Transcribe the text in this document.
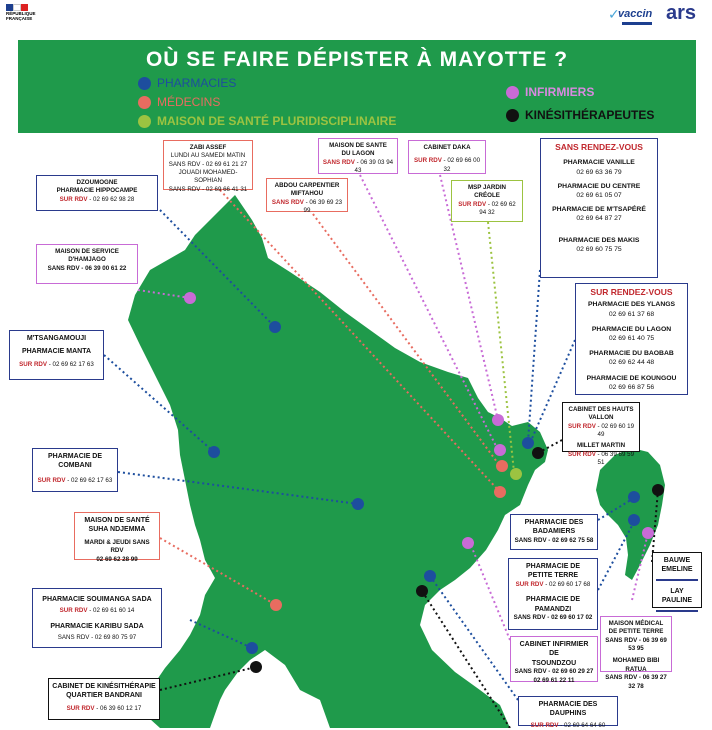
RÉPUBLIQUE
FRANÇAISE	✓
vaccin ars
OÙ SE FAIRE DÉPISTER À MAYOTTE ?
PHARMACIES
MÉDECINS
MAISON DE SANTÉ PLURIDISCIPLINAIRE
INFIRMIERS
KINÉSITHÉRAPEUTES
DZOUMOGNE
PHARMACIE HIPPOCAMPE
SUR RDV - 02 69 62 98 28
ZABI ASSEF
LUNDI AU SAMEDI MATIN
SANS RDV - 02 69 61 21 27
JOUADI MOHAMED-SOPHIAN
SANS RDV - 02 69 66 41 31
ABDOU CARPENTIER
MIFTAHOU
SANS RDV - 06 39 69 23 99
MAISON DE SANTE
DU LAGON
SANS RDV - 06 39 03 94 43
CABINET DAKA
SUR RDV - 02 69 66 00 32
MSP JARDIN
CRÉOLE
SUR RDV - 02 69 62 94 32
MAISON DE SERVICE
D'HAMJAGO
SANS RDV - 06 39 00 61 22
SANS RENDEZ-VOUS
PHARMACIE VANILLE
02 69 63 36 79
PHARMACIE DU CENTRE
02 69 61 05 07
PHARMACIE DE M'TSAPÉRÉ
02 69 64 87 27
PHARMACIE DES MAKIS
02 69 60 75 75
SUR RENDEZ-VOUS
PHARMACIE DES YLANGS
02 69 61 37 68
PHARMACIE DU LAGON
02 69 61 40 75
PHARMACIE DU BAOBAB
02 69 62 44 48
PHARMACIE DE KOUNGOU
02 69 66 87 56
M'TSANGAMOUJI
PHARMACIE MANTA
SUR RDV - 02 69 62 17 63
CABINET DES HAUTS
VALLON
SUR RDV - 02 69 60 19 49
MILLET MARTIN
SUR RDV - 06 39 69 59 51
PHARMACIE DE
COMBANI
SUR RDV - 02 69 62 17 63
MAISON DE SANTÉ
SUHA NDJEMMA
MARDI & JEUDI SANS RDV
02 69 62 28 99
PHARMACIE DES
BADAMIERS
SANS RDV - 02 69 62 75 58
BAUWE
EMELINE
LAY PAULINE
PHARMACIE DE
PETITE TERRE
SUR RDV - 02 69 60 17 68
PHARMACIE DE
PAMANDZI
SANS RDV - 02 69 60 17 02
PHARMACIE SOUIMANGA SADA
SUR RDV - 02 69 61 60 14
PHARMACIE KARIBU SADA
SANS RDV - 02 69 80 75 97
CABINET INFIRMIER DE
TSOUNDZOU
SANS RDV - 02 69 60 29 27
02 69 61 22 11
MAISON MÉDICAL
DE PETITE TERRE
SANS RDV - 06 39 69 53 95
MOHAMED BIBI RATUA
SANS RDV - 06 39 27 32 78
CABINET DE KINÉSITHÉRAPIE
QUARTIER BANDRANI
SUR RDV - 06 39 60 12 17
PHARMACIE DES DAUPHINS
SUR RDV - 02 69 64 64 60
